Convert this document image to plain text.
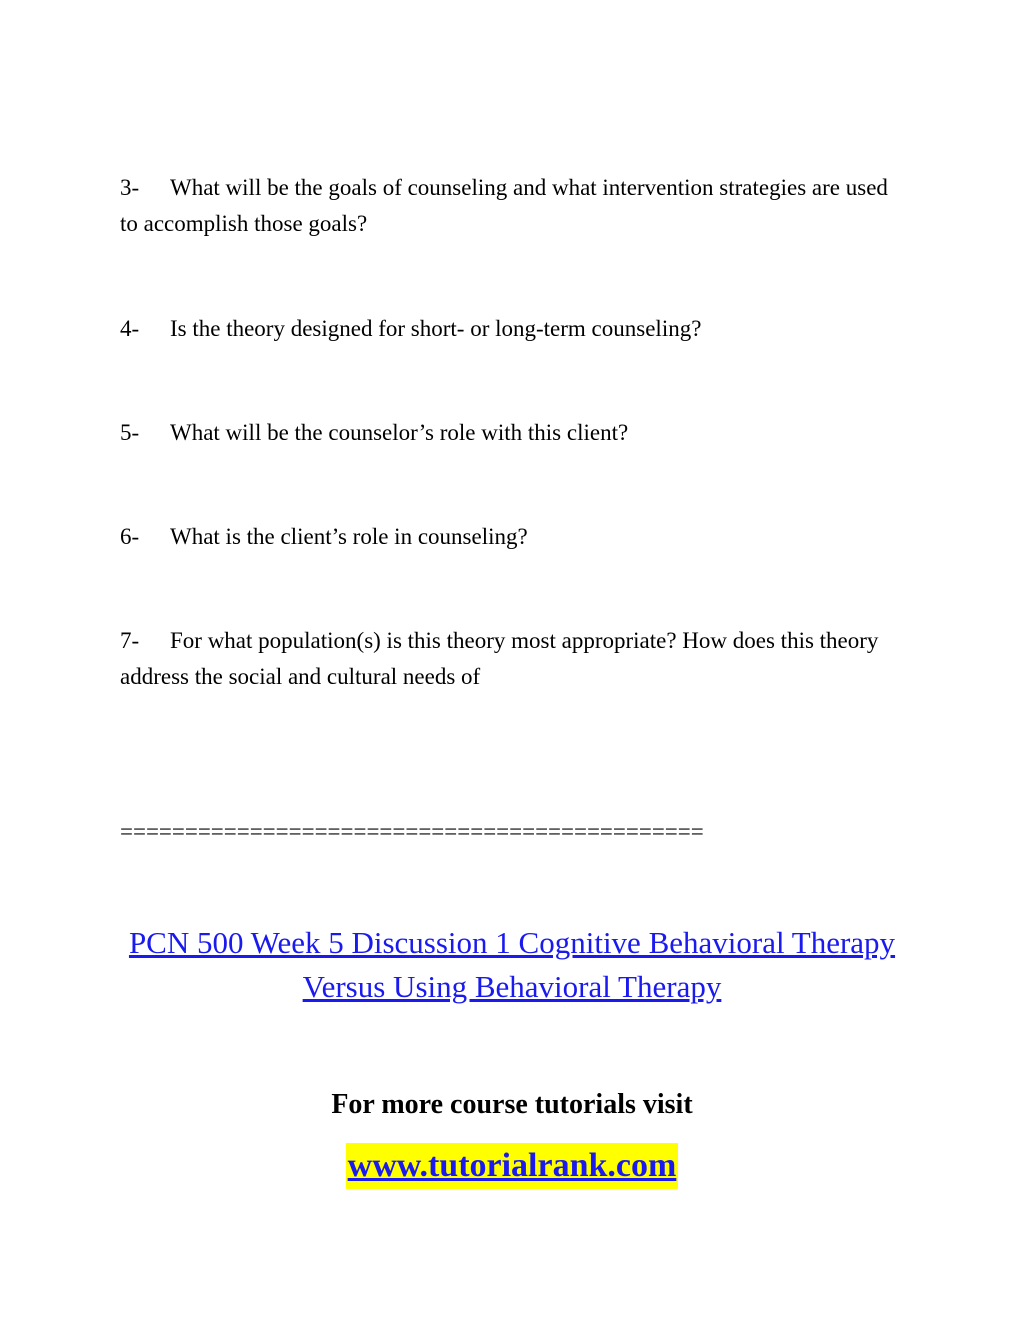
3- What will be the goals of counseling and what intervention strategies are used to accomplish those goals?
4- Is the theory designed for short- or long-term counseling?
5- What will be the counselor’s role with this client?
6- What is the client’s role in counseling?
7- For what population(s) is this theory most appropriate? How does this theory address the social and cultural needs of
=============================================
PCN 500 Week 5 Discussion 1 Cognitive Behavioral Therapy Versus Using Behavioral Therapy
For more course tutorials visit
www.tutorialrank.com
